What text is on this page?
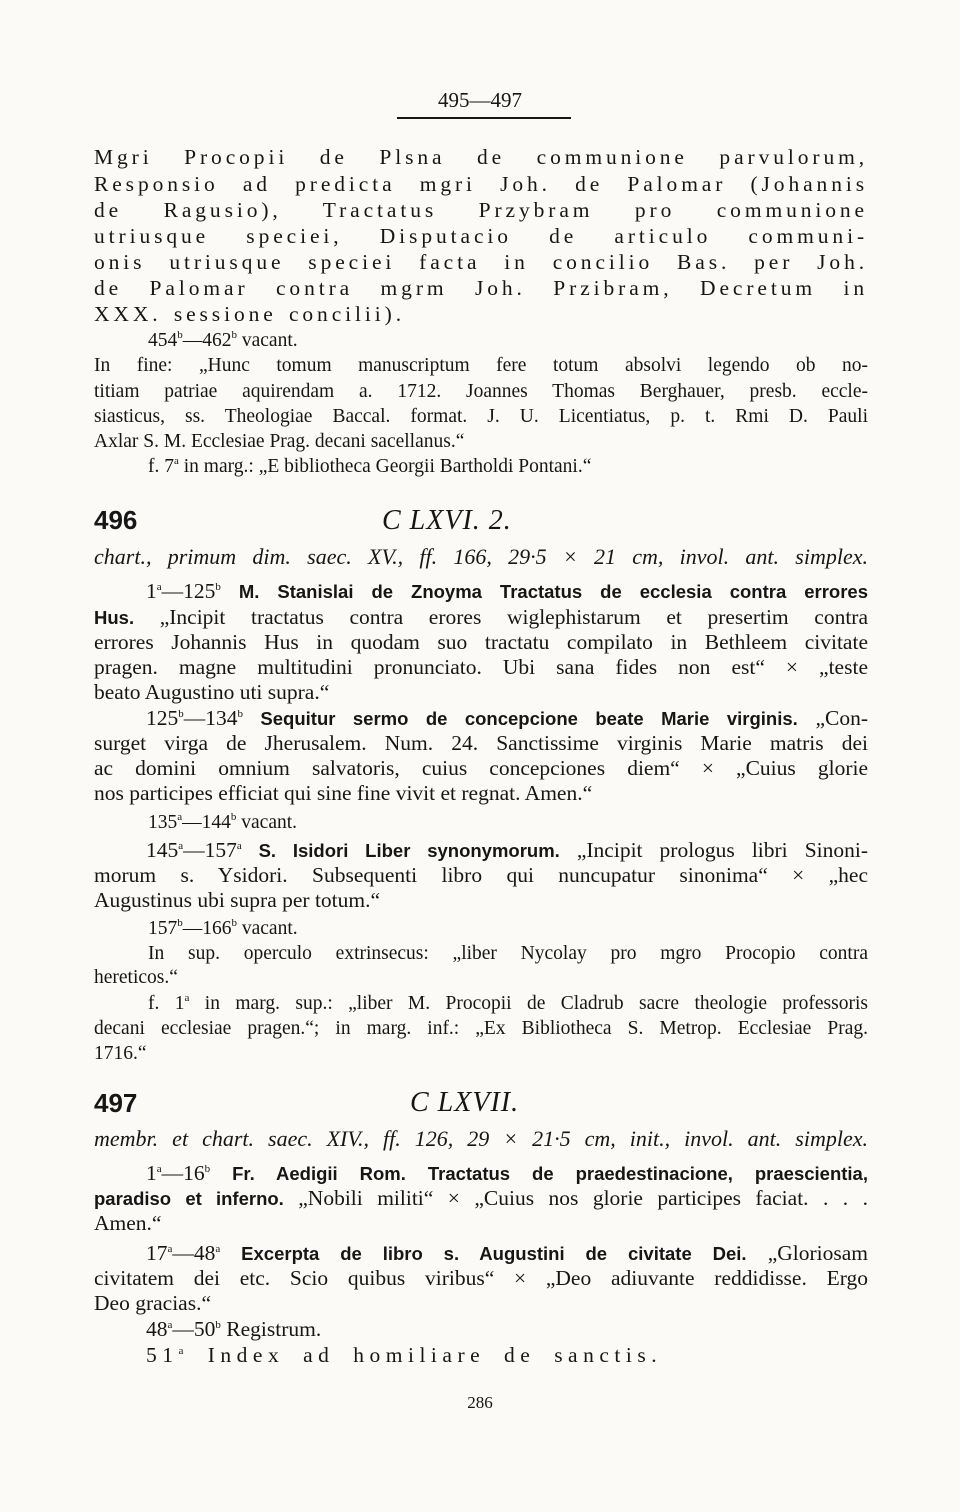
495—497
Mgri Procopii de Plsna de communione parvulorum,
Responsio ad predicta mgri Joh. de Palomar (Johannis
de Ragusio), Tractatus Przybram pro communione
utriusque speciei, Disputacio de articulo communi-
onis utriusque speciei facta in concilio Bas. per Joh.
de Palomar contra mgrm Joh. Przibram, Decretum in
XXX. sessione concilii).
454$^b$—462$^b$ vacant.
In fine: „Hunc tomum manuscriptum fere totum absolvi legendo ob no-
titiam patriae aquirendam a. 1712. Joannes Thomas Berghauer, presb. eccle-
siasticus, ss. Theologiae Baccal. format. J. U. Licentiatus, p. t. Rmi D. Pauli
Axlar S. M. Ecclesiae Prag. decani sacellanus.“
f. 7$^a$ in marg.: „E bibliotheca Georgii Bartholdi Pontani.“
496	C LXVI. 2.
chart., primum dim. saec. XV., ff. 166, 29·5 × 21 cm, invol. ant. simplex.
1$^a$—125$^b$ M. Stanislai de Znoyma Tractatus de ecclesia contra errores
Hus. „Incipit tractatus contra erores wiglephistarum et presertim contra
errores Johannis Hus in quodam suo tractatu compilato in Bethleem civitate
pragen. magne multitudini pronunciato. Ubi sana fides non est“ × „teste
beato Augustino uti supra.“
125$^b$—134$^b$ Sequitur sermo de concepcione beate Marie virginis. „Con-
surget virga de Jherusalem. Num. 24. Sanctissime virginis Marie matris dei
ac domini omnium salvatoris, cuius concepciones diem“ × „Cuius glorie
nos participes efficiat qui sine fine vivit et regnat. Amen.“
135$^a$—144$^b$ vacant.
145$^a$—157$^a$ S. Isidori Liber synonymorum. „Incipit prologus libri Sinoni-
morum s. Ysidori. Subsequenti libro qui nuncupatur sinonima“ × „hec
Augustinus ubi supra per totum.“
157$^b$—166$^b$ vacant.
In sup. operculo extrinsecus: „liber Nycolay pro mgro Procopio contra
hereticos.“
f. 1$^a$ in marg. sup.: „liber M. Procopii de Cladrub sacre theologie professoris
decani ecclesiae pragen.“; in marg. inf.: „Ex Bibliotheca S. Metrop. Ecclesiae Prag.
1716.“
497	C LXVII.
membr. et chart. saec. XIV., ff. 126, 29 × 21·5 cm, init., invol. ant. simplex.
1$^a$—16$^b$ Fr. Aedigii Rom. Tractatus de praedestinacione, praescientia,
paradiso et inferno. „Nobili militi“ × „Cuius nos glorie participes faciat. . . .
Amen.“
17$^a$—48$^a$ Excerpta de libro s. Augustini de civitate Dei. „Gloriosam
civitatem dei etc. Scio quibus viribus“ × „Deo adiuvante reddidisse. Ergo
Deo gracias.“
48$^a$—50$^b$ Registrum.
51$^a$ Index ad homiliare de sanctis.
286
